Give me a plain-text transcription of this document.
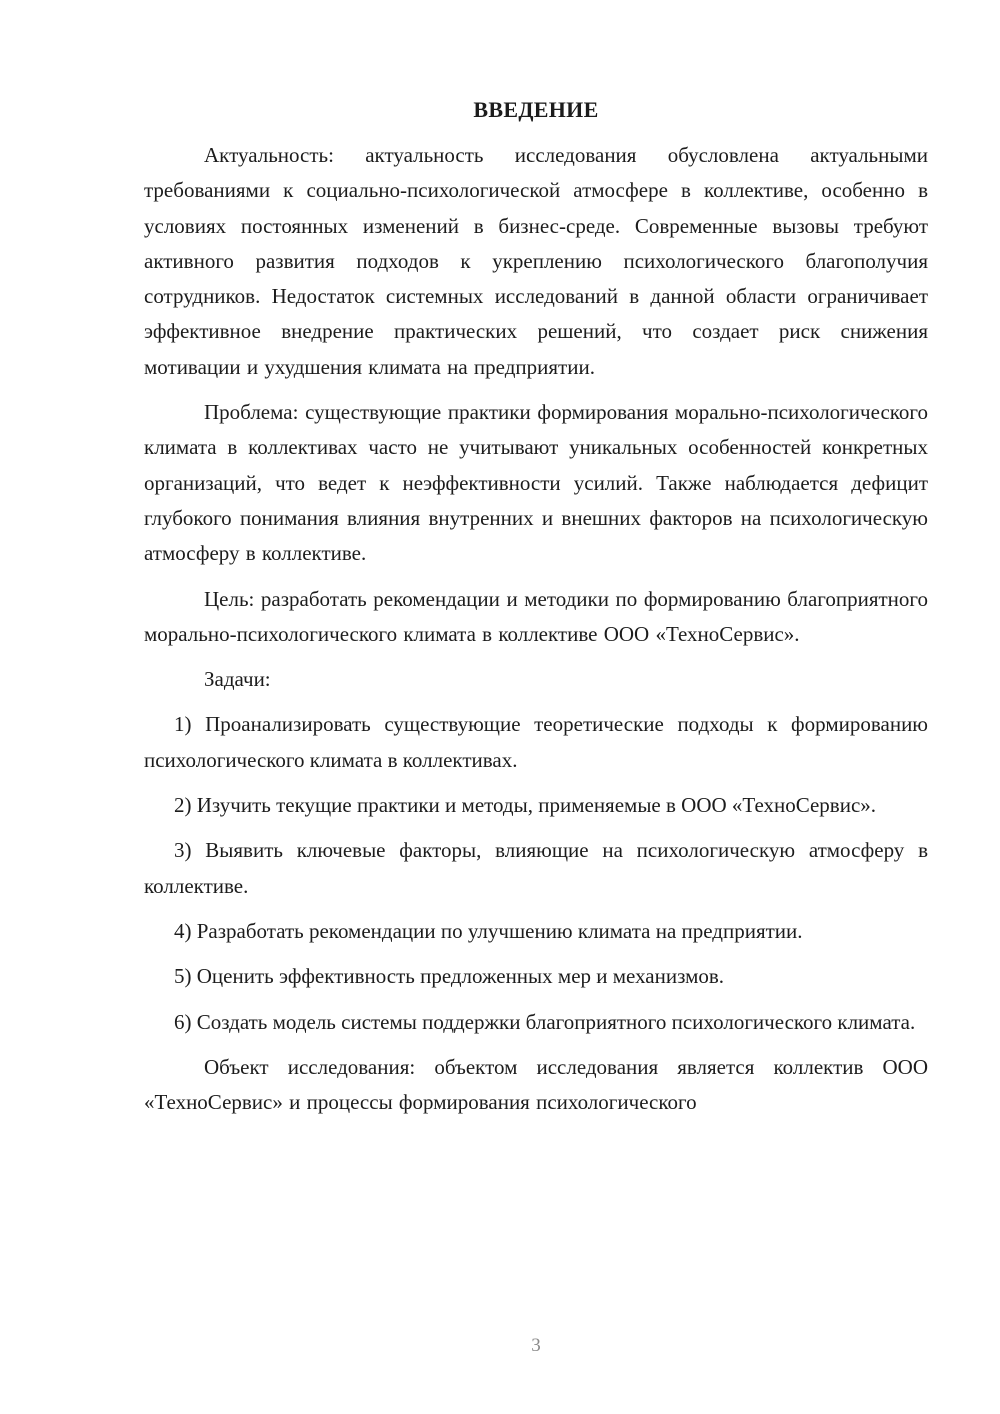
ВВЕДЕНИЕ

Актуальность: актуальность исследования обусловлена актуальными требованиями к социально-психологической атмосфере в коллективе, особенно в условиях постоянных изменений в бизнес-среде. Современные вызовы требуют активного развития подходов к укреплению психологического благополучия сотрудников. Недостаток системных исследований в данной области ограничивает эффективное внедрение практических решений, что создает риск снижения мотивации и ухудшения климата на предприятии.

Проблема: существующие практики формирования морально-психологического климата в коллективах часто не учитывают уникальных особенностей конкретных организаций, что ведет к неэффективности усилий. Также наблюдается дефицит глубокого понимания влияния внутренних и внешних факторов на психологическую атмосферу в коллективе.

Цель: разработать рекомендации и методики по формированию благоприятного морально-психологического климата в коллективе ООО «ТехноСервис».

Задачи:

1) Проанализировать существующие теоретические подходы к формированию психологического климата в коллективах.

2) Изучить текущие практики и методы, применяемые в ООО «ТехноСервис».

3) Выявить ключевые факторы, влияющие на психологическую атмосферу в коллективе.

4) Разработать рекомендации по улучшению климата на предприятии.

5) Оценить эффективность предложенных мер и механизмов.

6) Создать модель системы поддержки благоприятного психологического климата.

Объект исследования: объектом исследования является коллектив ООО «ТехноСервис» и процессы формирования психологического

3
